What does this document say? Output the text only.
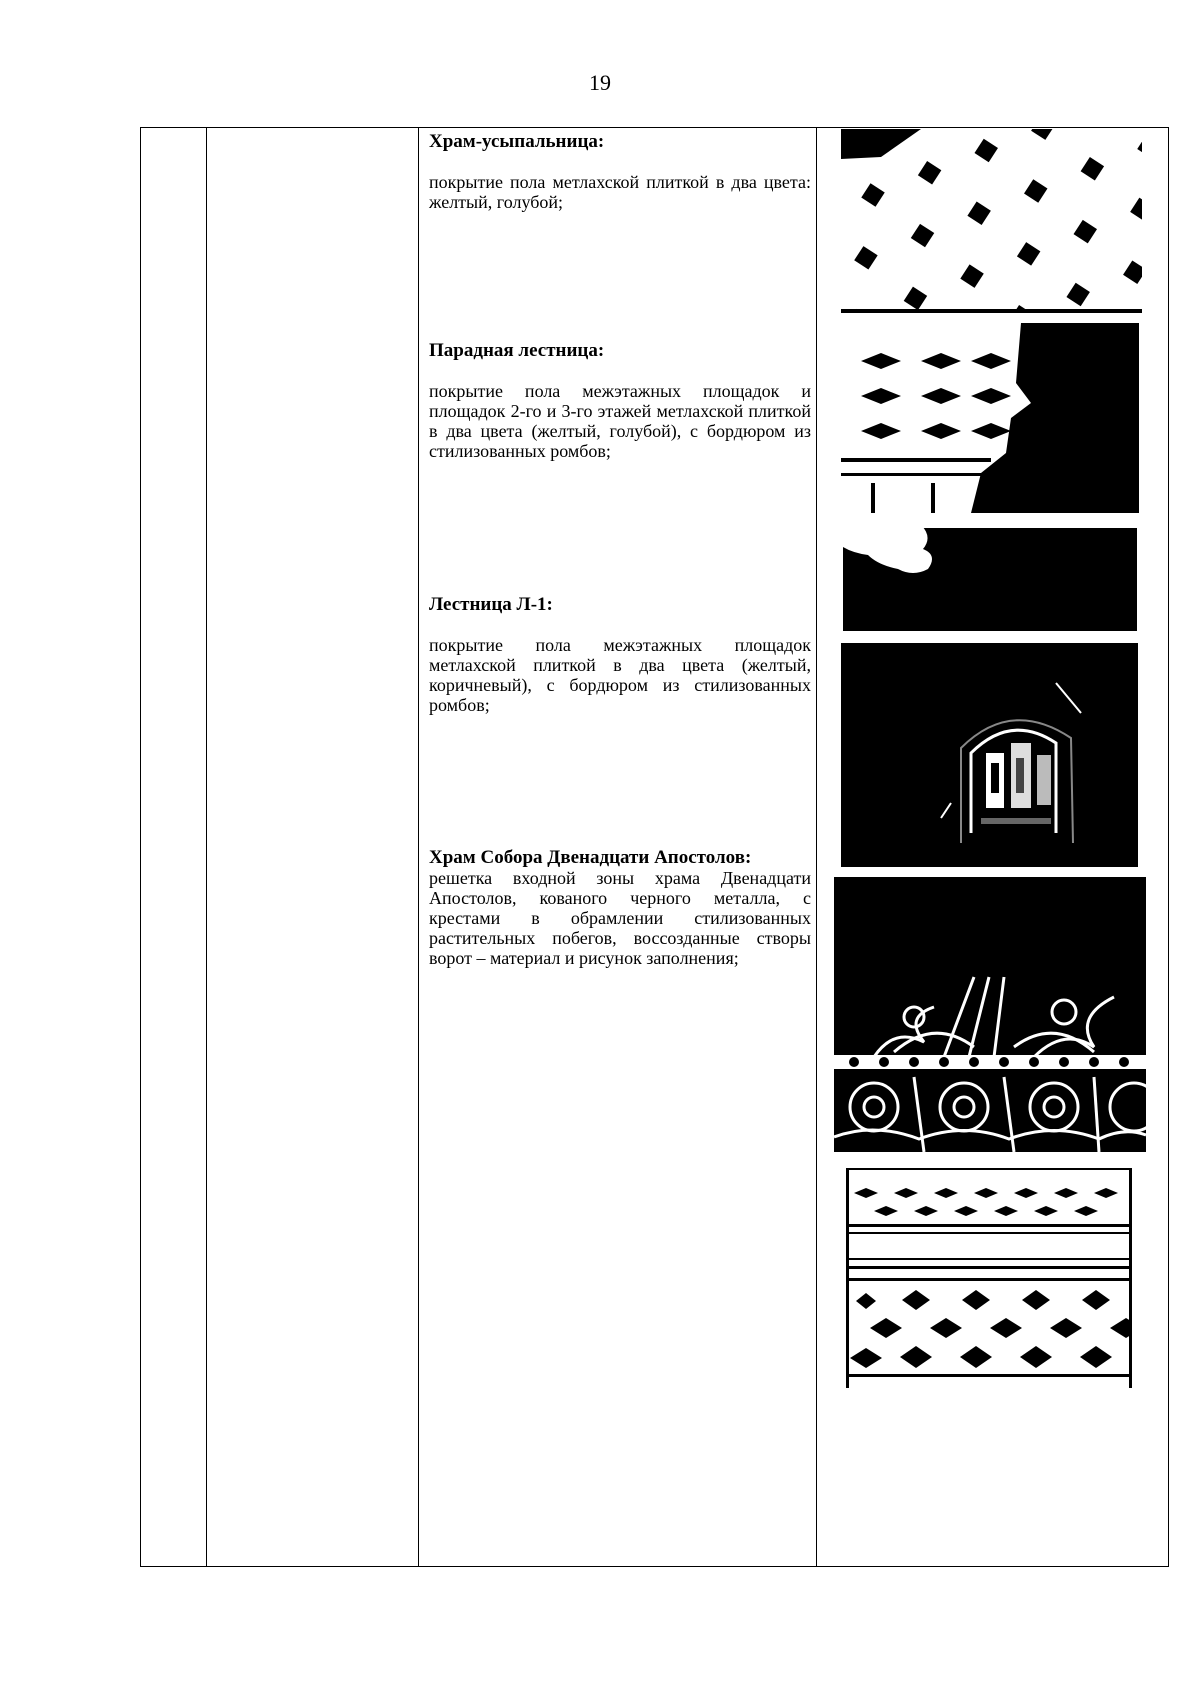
19

Храм-усыпальница:

покрытие пола метлахской плиткой в два цвета: желтый, голубой;

Парадная лестница:

покрытие пола межэтажных площадок и площадок 2-го и 3-го этажей метлахской плиткой в два цвета (желтый, голубой), с бордюром из стилизованных ромбов;

Лестница Л-1:

покрытие пола межэтажных площадок метлахской плиткой в два цвета (желтый, коричневый), с бордюром из стилизованных ромбов;

Храм Собора Двенадцати Апостолов:

решетка входной зоны храма Двенадцати Апостолов, кованого черного металла, с крестами в обрамлении стилизованных растительных побегов, воссозданные створы ворот – материал и рисунок заполнения;
